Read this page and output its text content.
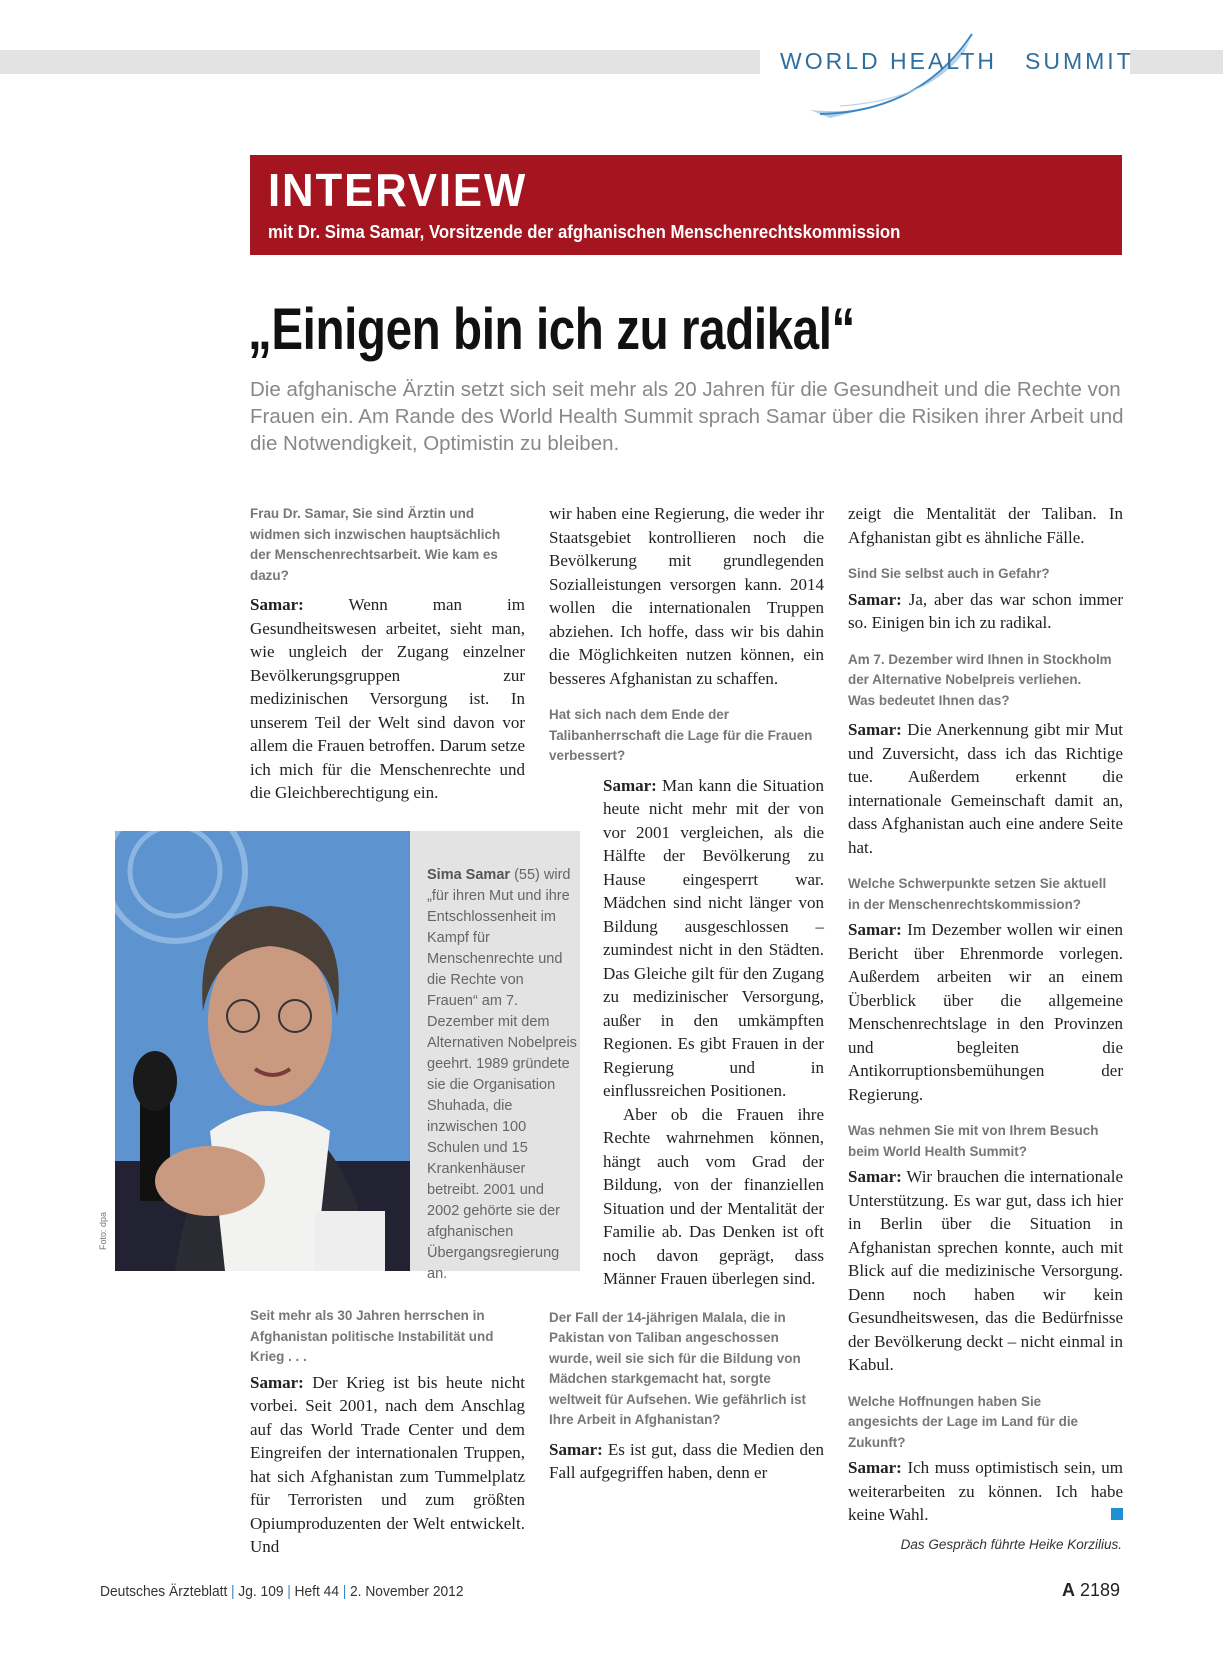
WORLD HEALTH SUMMIT
INTERVIEW
mit Dr. Sima Samar, Vorsitzende der afghanischen Menschenrechtskommission
„Einigen bin ich zu radikal“
Die afghanische Ärztin setzt sich seit mehr als 20 Jahren für die Gesundheit und die Rechte von Frauen ein. Am Rande des World Health Summit sprach Samar über die Risiken ihrer Arbeit und die Notwendigkeit, Optimistin zu bleiben.

Frau Dr. Samar, Sie sind Ärztin und widmen sich inzwischen hauptsächlich der Menschenrechtsarbeit. Wie kam es dazu?

Samar:	Wenn man im Gesundheitswesen arbeitet, sieht man, wie ungleich der Zugang einzelner Bevölkerungsgruppen zur medizinischen Versorgung ist. In unserem Teil der Welt sind davon vor allem die Frauen betroffen. Darum setze ich mich für die Menschenrechte und die Gleichberechtigung ein.

Sima Samar (55) wird „für ihren Mut und ihre Entschlossenheit im Kampf für Menschenrechte und die Rechte von Frauen“ am 7. Dezember mit dem Alternativen Nobelpreis geehrt. 1989 gründete sie die Organisation Shuhada, die inzwischen 100 Schulen und 15 Krankenhäuser betreibt. 2001 und 2002 gehörte sie der afghanischen Übergangsregierung an.
Foto: dpa

Seit mehr als 30 Jahren herrschen in Afghanistan politische Instabilität und Krieg . . .

Samar: Der Krieg ist bis heute nicht vorbei. Seit 2001, nach dem Anschlag auf das World Trade Center und dem Eingreifen der internationalen Truppen, hat sich Afghanistan zum Tummelplatz für Terroristen und zum größten Opiumproduzenten der Welt entwickelt. Und

wir haben eine Regierung, die weder ihr Staatsgebiet kontrollieren noch die Bevölkerung mit grundlegenden Sozialleistungen versorgen kann. 2014 wollen die internationalen Truppen abziehen. Ich hoffe, dass wir bis dahin die Möglichkeiten nutzen können, ein besseres Afghanistan zu schaffen.

Hat sich nach dem Ende der Talibanherrschaft die Lage für die Frauen verbessert?

Samar: Man kann die Situation heute nicht mehr mit der von vor 2001 vergleichen, als die Hälfte der Bevölkerung zu Hause eingesperrt war. Mädchen sind nicht länger von Bildung ausgeschlossen – zumindest nicht in den Städten. Das Gleiche gilt für den Zugang zu medizinischer Versorgung, außer in den umkämpften Regionen. Es gibt Frauen in der Regierung und in einflussreichen Positionen.

Aber ob die Frauen ihre Rechte wahrnehmen können, hängt auch vom Grad der Bildung, von der finanziellen Situation und der Mentalität der Familie ab. Das Denken ist oft noch davon geprägt, dass Männer Frauen überlegen sind.

Der Fall der 14-jährigen Malala, die in Pakistan von Taliban angeschossen wurde, weil sie sich für die Bildung von Mädchen starkgemacht hat, sorgte weltweit für Aufsehen. Wie gefährlich ist Ihre Arbeit in Afghanistan?

Samar: Es ist gut, dass die Medien den Fall aufgegriffen haben, denn er

zeigt die Mentalität der Taliban. In Afghanistan gibt es ähnliche Fälle.

Sind Sie selbst auch in Gefahr?

Samar: Ja, aber das war schon immer so. Einigen bin ich zu radikal.

Am 7. Dezember wird Ihnen in Stockholm der Alternative Nobelpreis verliehen. Was bedeutet Ihnen das?

Samar: Die Anerkennung gibt mir Mut und Zuversicht, dass ich das Richtige tue. Außerdem erkennt die internationale Gemeinschaft damit an, dass Afghanistan auch eine andere Seite hat.

Welche Schwerpunkte setzen Sie aktuell in der Menschenrechtskommission?

Samar: Im Dezember wollen wir einen Bericht über Ehrenmorde vorlegen. Außerdem arbeiten wir an einem Überblick über die allgemeine Menschenrechtslage in den Provinzen und begleiten die Antikorruptionsbemühungen der Regierung.

Was nehmen Sie mit von Ihrem Besuch beim World Health Summit?

Samar: Wir brauchen die internationale Unterstützung. Es war gut, dass ich hier in Berlin über die Situation in Afghanistan sprechen konnte, auch mit Blick auf die medizinische Versorgung. Denn noch haben wir kein Gesundheitswesen, das die Bedürfnisse der Bevölkerung deckt – nicht einmal in Kabul.

Welche Hoffnungen haben Sie angesichts der Lage im Land für die Zukunft?

Samar: Ich muss optimistisch sein, um weiterarbeiten zu können. Ich habe keine Wahl.

Das Gespräch führte Heike Korzilius.
Deutsches Ärzteblatt | Jg. 109 | Heft 44 | 2. November 2012	A 2189
